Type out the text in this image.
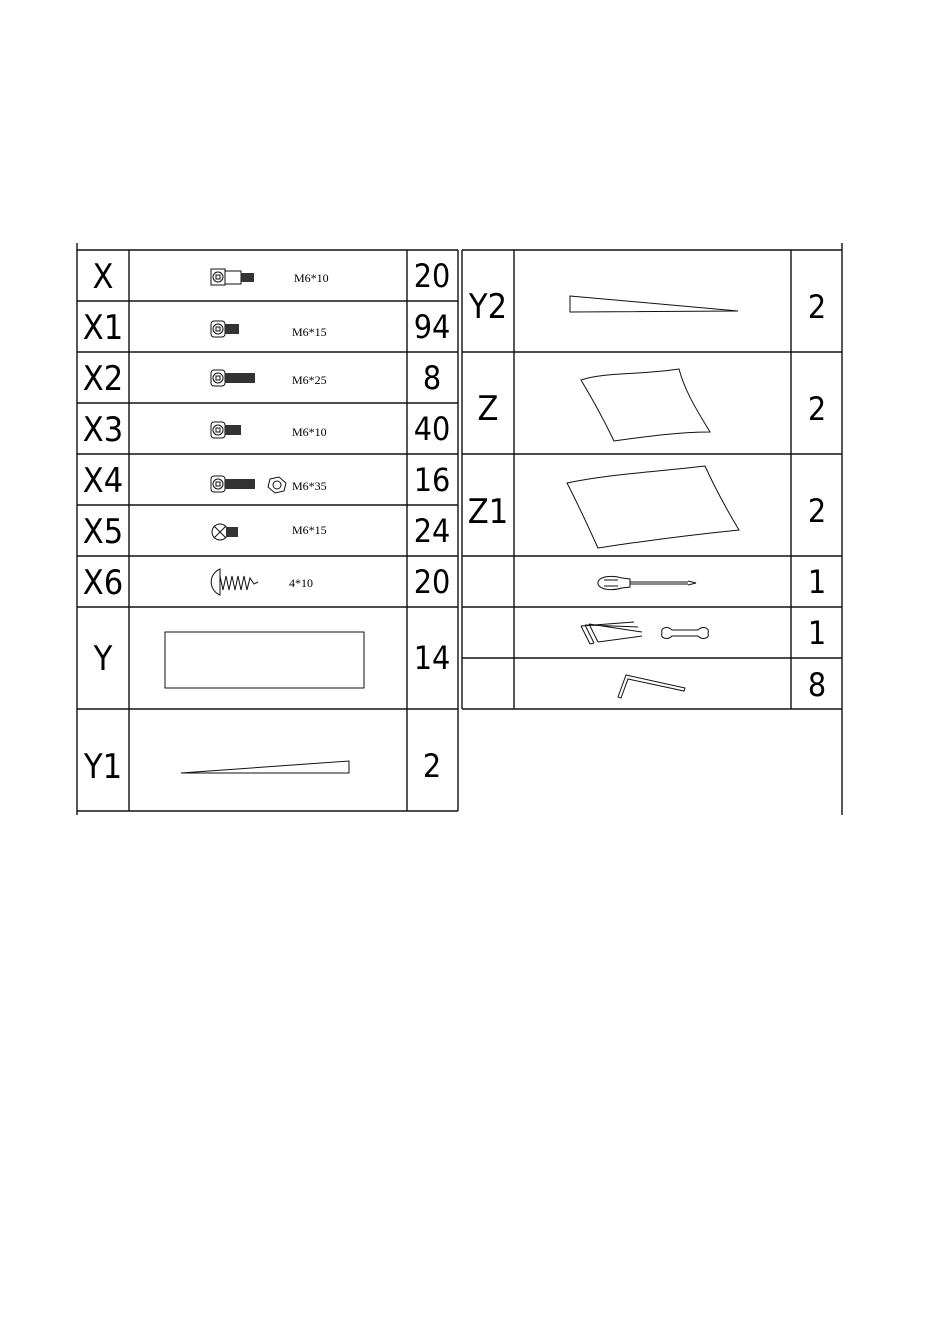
X
X1
X2
X3
X4
X5
X6
Y
Y1
20
94
8
40
16
24
20
14
2
M6*10
M6*15
M6*25
M6*10
M6*35
M6*15
4*10
Y2
Z
Z1
2
2
2
1
1
8
